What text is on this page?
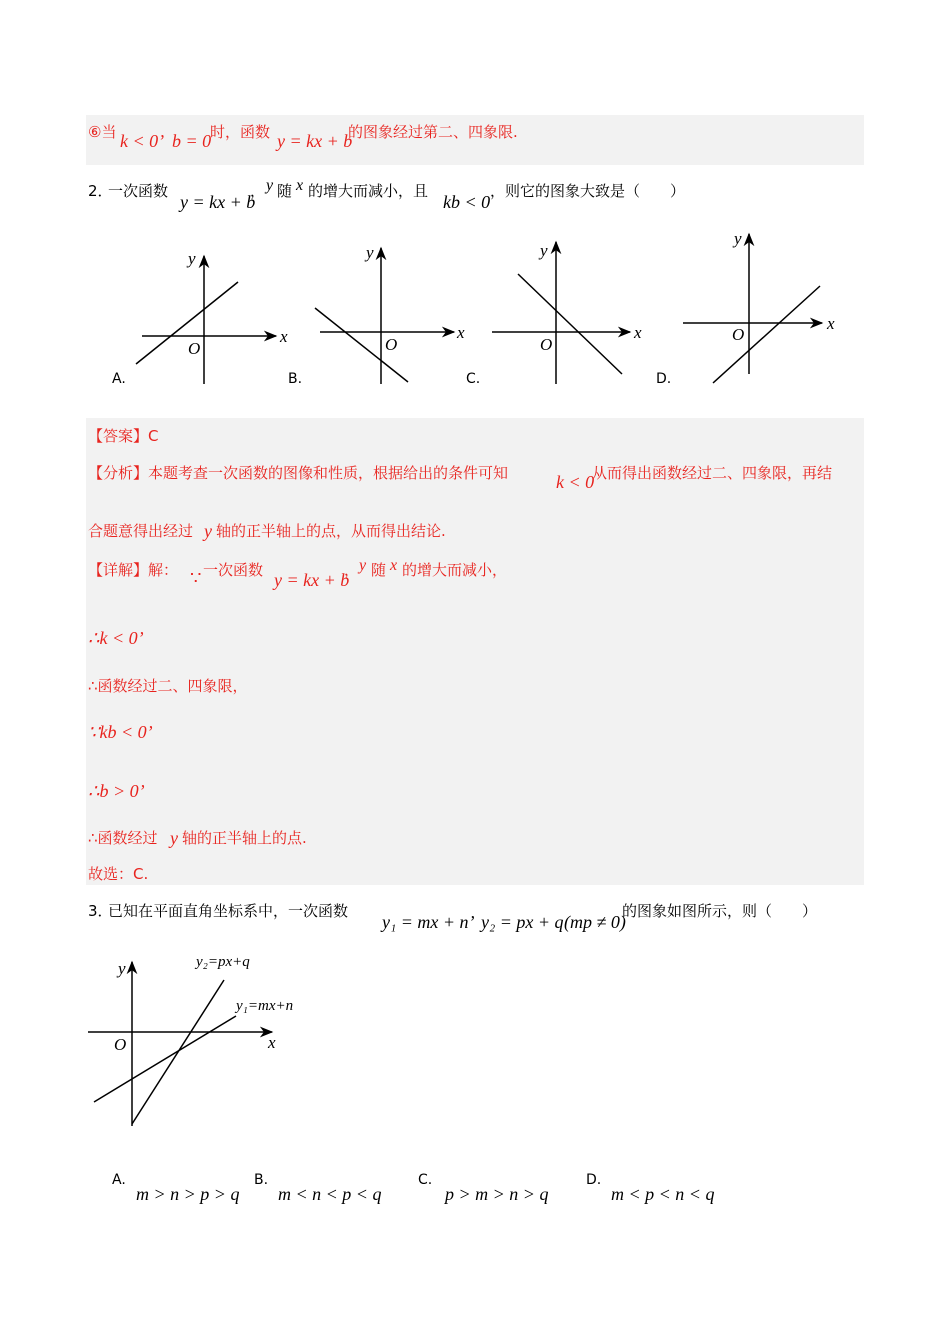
⑥当 k < 0’ b = 0
时，函数 y = kx + b
的图象经过第二、四象限.
2．
一次函数
y = kx + b
， y 随 x 的增大而减小，且
kb < 0
，则它的图象大致是（　　）
x
y
O
x
y
O
x
y
O
x
y
O
A.	B.	C.	D.
【答案】C
【分析】本题考查一次函数的图像和性质，根据给出的条件可知	k < 0
从而得出函数经过二、四象限，再结
合题意得出经过 y 轴的正半轴上的点，从而得出结论.
【详解】解： ∵ 一次函数 y = kx + b
， y 随 x 的增大而减小，
∴k < 0’
∴函数经过二、四象限，
∵kb < 0’
∴b > 0’
∴函数经过 y 轴的正半轴上的点.
故选：C.
3．
已知在平面直角坐标系中，一次函数
y₁ = mx + n’ y₂ = px + q (mp ≠ 0)
的图象如图所示，则（　　）
y
x
O
y₂=px+q
y₁=mx+n
A.
m > n > p > q
B.
m < n < p < q
C.
p > m > n > q
D.
m < p < n < q
